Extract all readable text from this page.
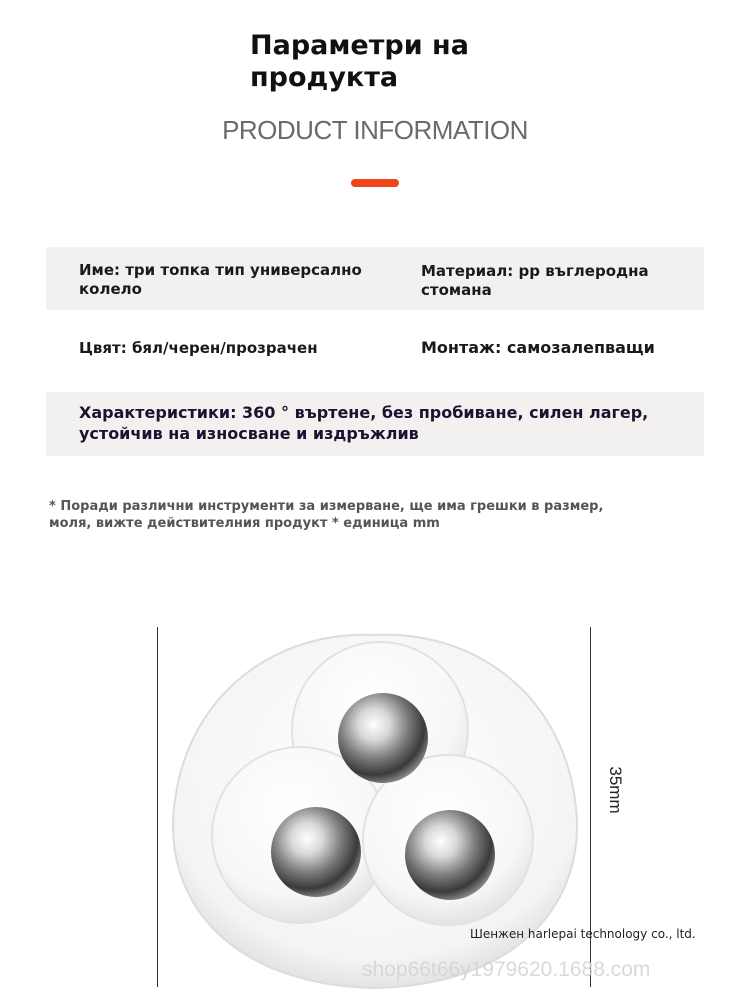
Параметри на продукта
PRODUCT INFORMATION
Име: три топка тип универсално колело
Материал: pp въглеродна стомана
Цвят: бял/черен/прозрачен	Монтаж: самозалепващи
Характеристики: 360 ° въртене, без пробиване, силен лагер, устойчив на износване и издръжлив
* Поради различни инструменти за измерване, ще има грешки в размер, моля, вижте действителния продукт * единица mm
35mm
Шенжен harlepai technology co., ltd.
shop66t66y1979620.1688.com
